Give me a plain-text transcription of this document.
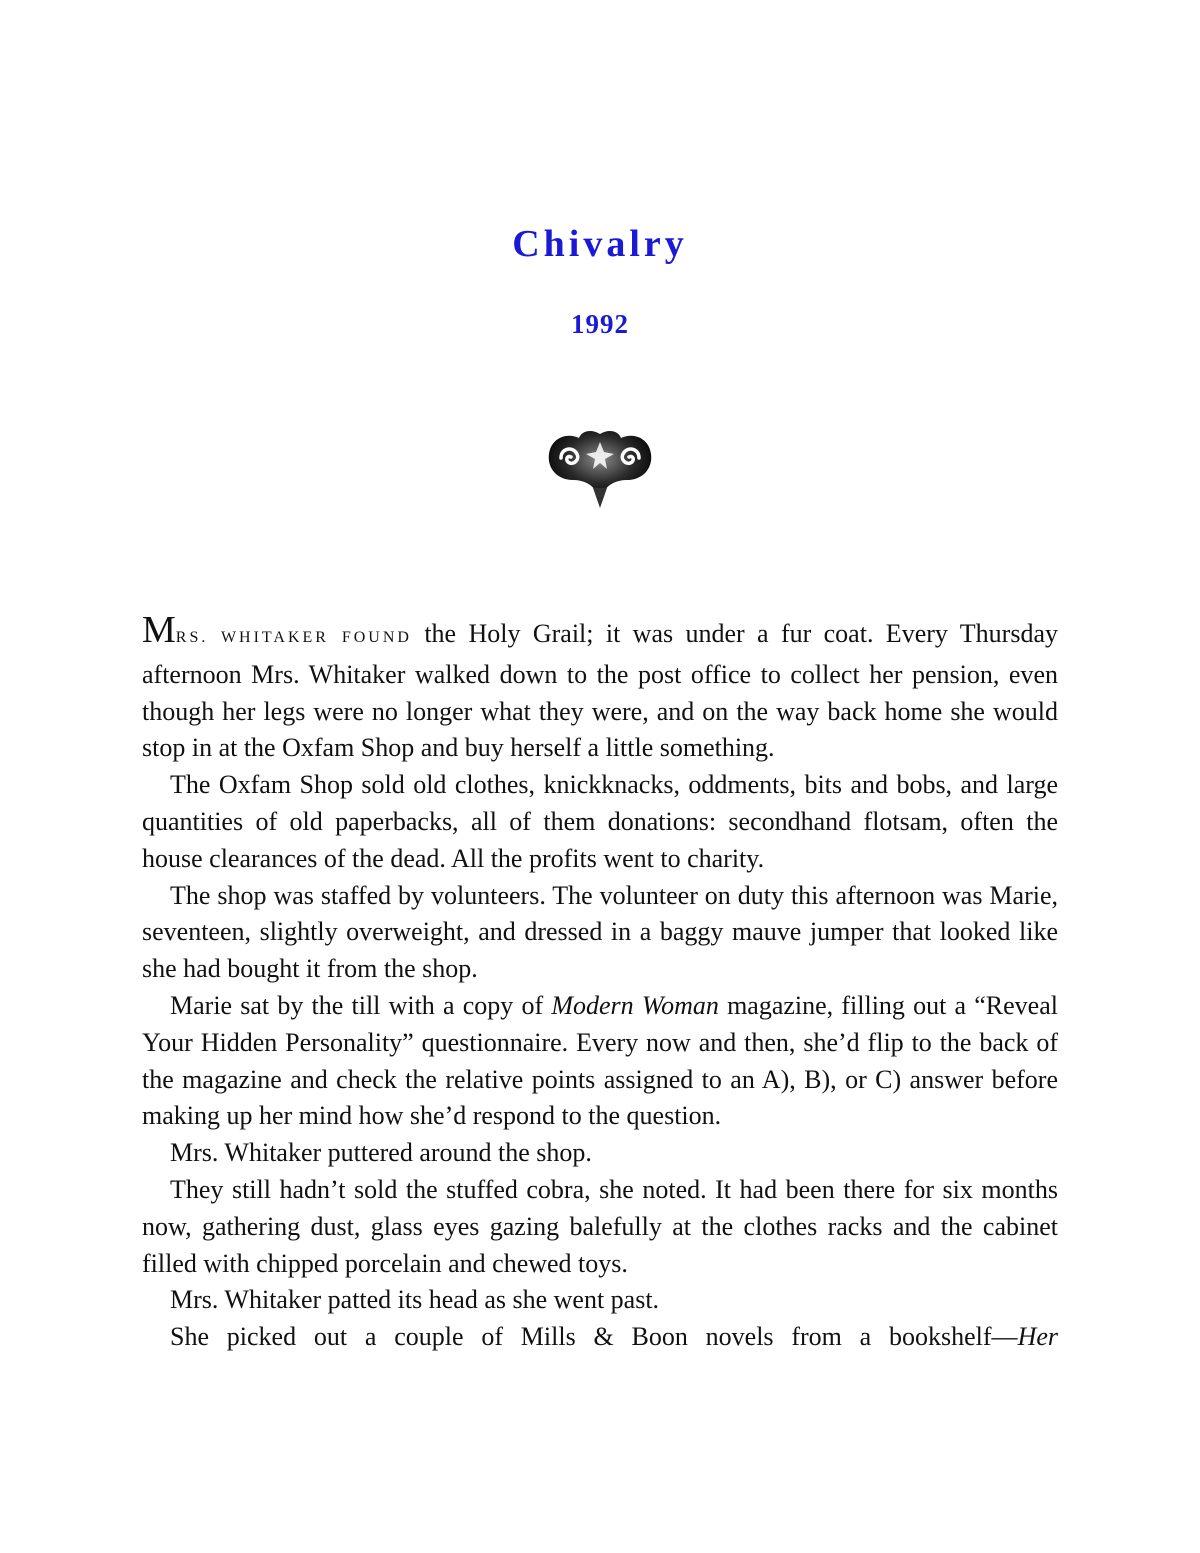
Chivalry
1992

MRS. WHITAKER FOUND the Holy Grail; it was under a fur coat. Every Thursday afternoon Mrs. Whitaker walked down to the post office to collect her pension, even though her legs were no longer what they were, and on the way back home she would stop in at the Oxfam Shop and buy herself a little something.

The Oxfam Shop sold old clothes, knickknacks, oddments, bits and bobs, and large quantities of old paperbacks, all of them donations: secondhand flotsam, often the house clearances of the dead. All the profits went to charity.

The shop was staffed by volunteers. The volunteer on duty this afternoon was Marie, seventeen, slightly overweight, and dressed in a baggy mauve jumper that looked like she had bought it from the shop.

Marie sat by the till with a copy of Modern Woman magazine, filling out a “Reveal Your Hidden Personality” questionnaire. Every now and then, she’d flip to the back of the magazine and check the relative points assigned to an A), B), or C) answer before making up her mind how she’d respond to the question.

Mrs. Whitaker puttered around the shop.

They still hadn’t sold the stuffed cobra, she noted. It had been there for six months now, gathering dust, glass eyes gazing balefully at the clothes racks and the cabinet filled with chipped porcelain and chewed toys.

Mrs. Whitaker patted its head as she went past.

She picked out a couple of Mills & Boon novels from a bookshelf—Her
